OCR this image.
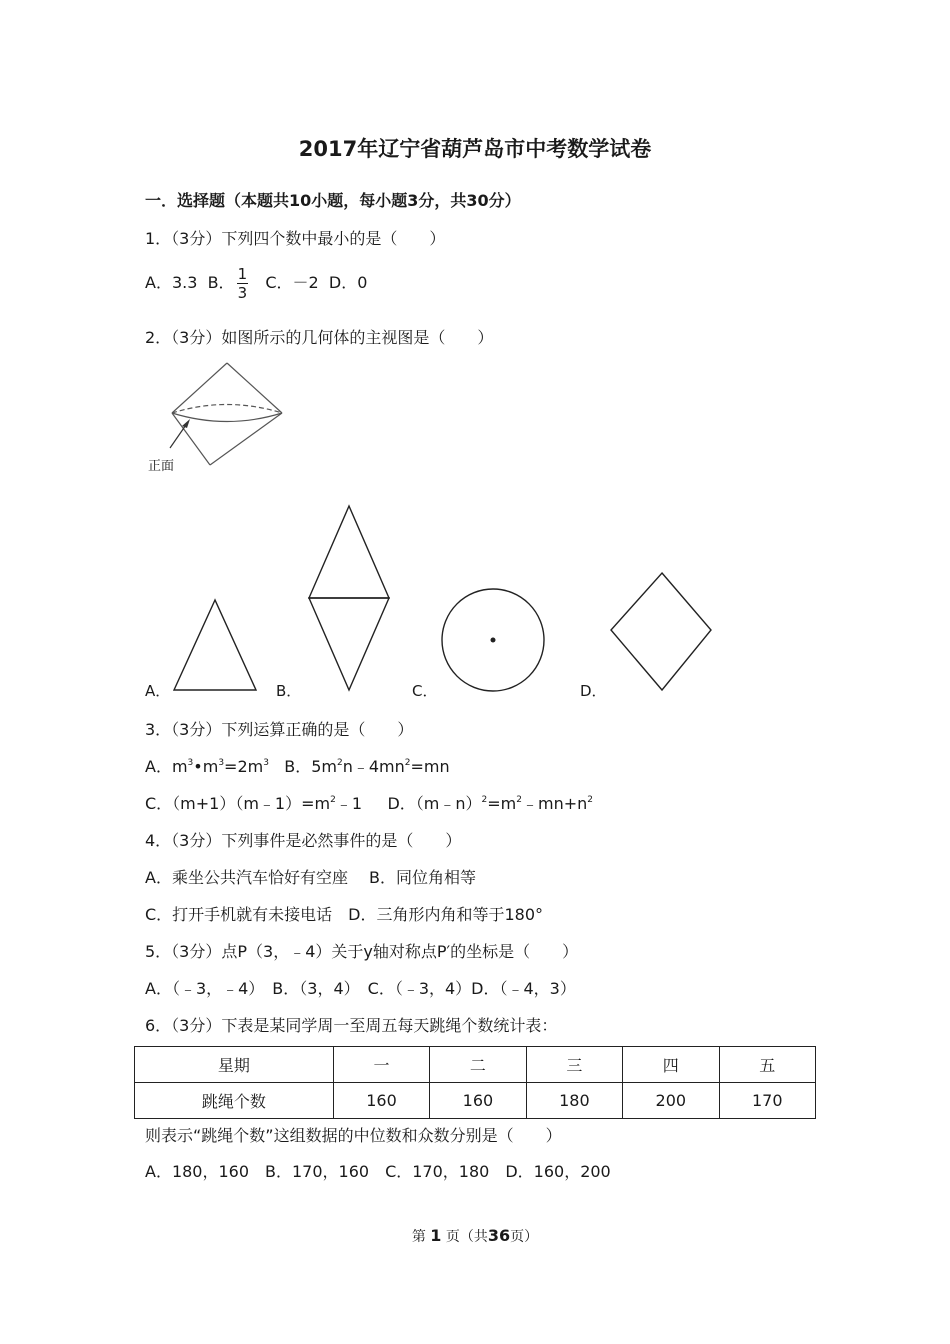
2017年辽宁省葫芦岛市中考数学试卷
一．选择题（本题共10小题，每小题3分，共30分）
1．（3分）下列四个数中最小的是（　　）
A．3.3 B． $\frac{1}{3}$ C．－2 D．0
2．（3分）如图所示的几何体的主视图是（　　）
正面
A．	B．	C．	D．
3．（3分）下列运算正确的是（　　）
A．$m^3•m^3=2m^3$ B．$5m^2n﹣4mn^2=mn$
C．$(m+1)(m﹣1)=m^2﹣1$ D．$(m﹣n)^2=m^2﹣mn+n^2$
4．（3分）下列事件是必然事件的是（　　）
A．乘坐公共汽车恰好有空座　 B．同位角相等
C．打开手机就有未接电话　D．三角形内角和等于180°
5．（3分）点P（3，﹣4）关于y轴对称点P′的坐标是（　　）
A．（﹣3，﹣4）　B．（3，4）　C．（﹣3，4）D．（﹣4，3）
6．（3分）下表是某同学周一至周五每天跳绳个数统计表：
星期	一	二	三	四	五
跳绳个数	160	160	180	200	170
则表示“跳绳个数”这组数据的中位数和众数分别是（　　）
A．180，160　B．170，160　C．170，180　D．160，200
第 1 页（共36页）
